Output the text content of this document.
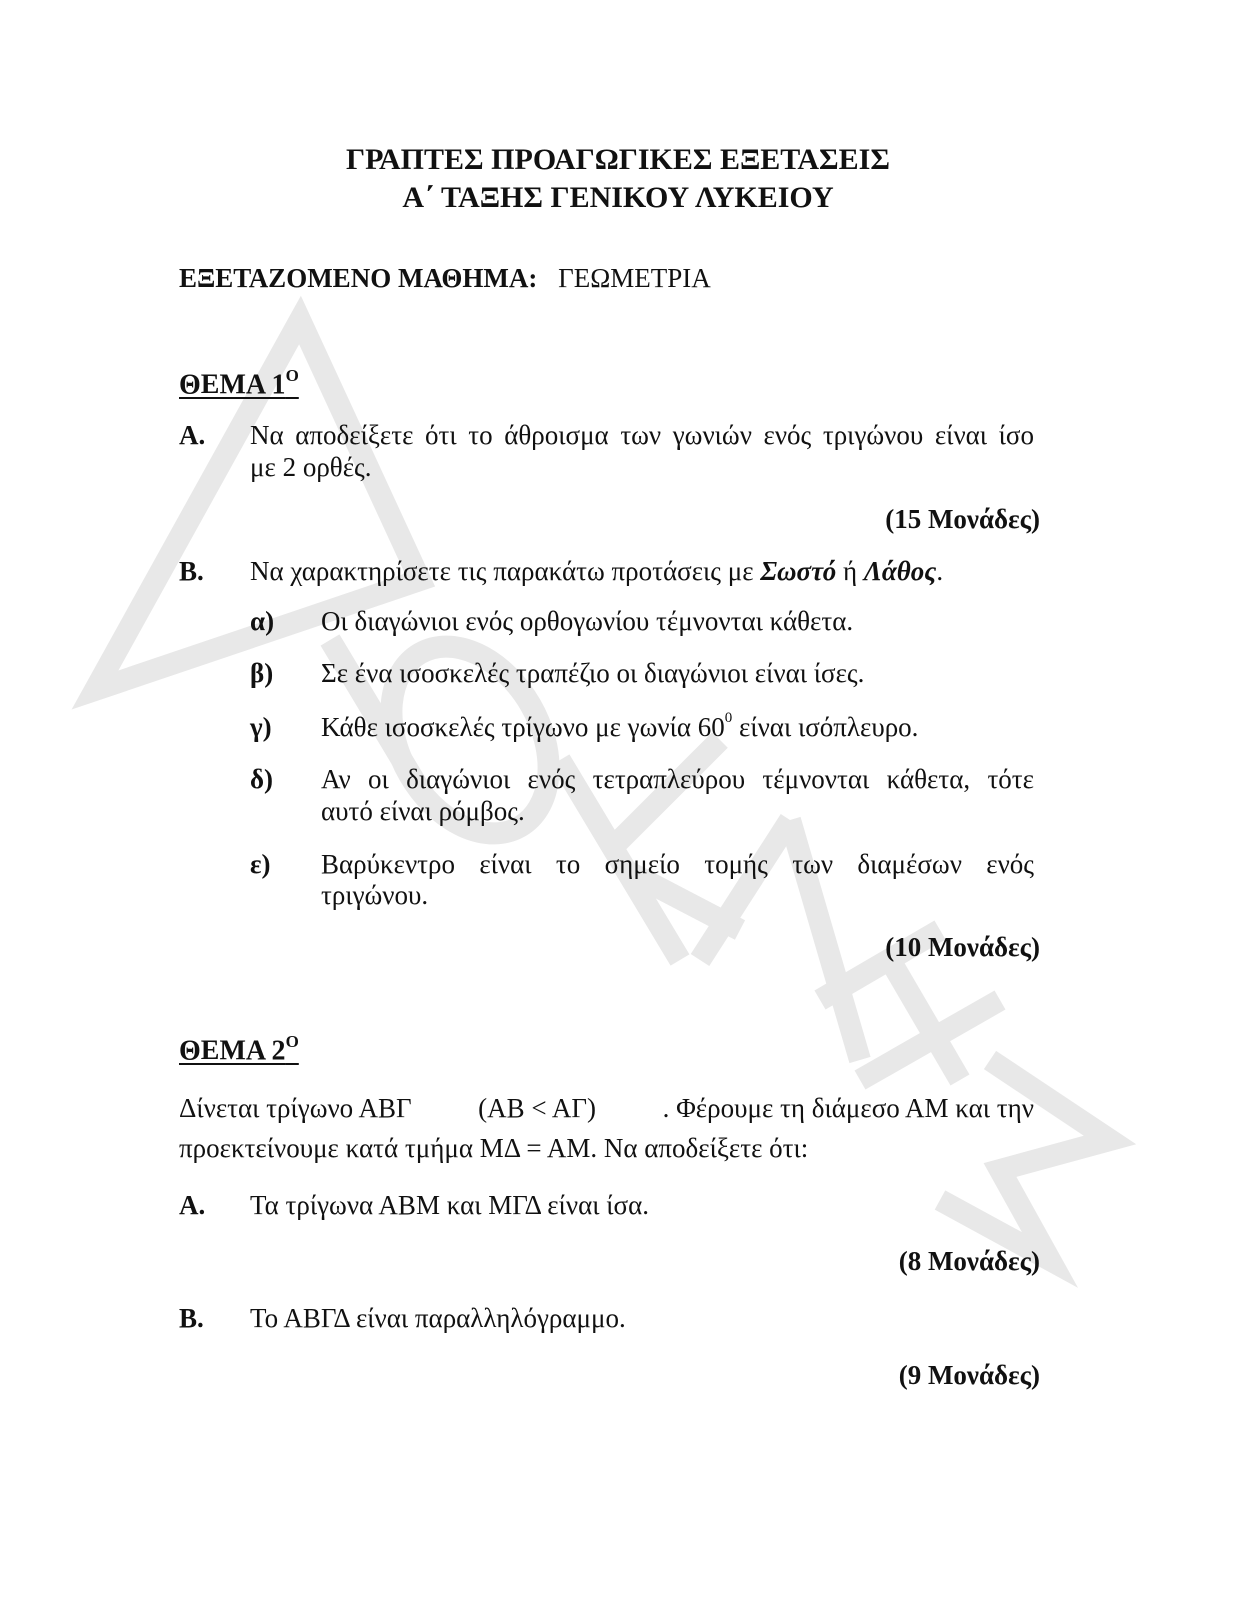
ΓΡΑΠΤΕΣ ΠΡΟΑΓΩΓΙΚΕΣ ΕΞΕΤΑΣΕΙΣ
Α΄ ΤΑΞΗΣ ΓΕΝΙΚΟΥ ΛΥΚΕΙΟΥ
ΕΞΕΤΑΖΟΜΕΝΟ ΜΑΘΗΜΑ: ΓΕΩΜΕΤΡΙΑ
ΘΕΜΑ $1^O$
Α. Να αποδείξετε ότι το άθροισμα των γωνιών ενός τριγώνου είναι ίσο
με 2 ορθές.
(15 Μονάδες)
Β. Να χαρακτηρίσετε τις παρακάτω προτάσεις με Σωστό ή Λάθος.
α) Οι διαγώνιοι ενός ορθογωνίου τέμνονται κάθετα.
β) Σε ένα ισοσκελές τραπέζιο οι διαγώνιοι είναι ίσες.
γ) Κάθε ισοσκελές τρίγωνο με γωνία $60^0$ είναι ισόπλευρο.
δ) Αν οι διαγώνιοι ενός τετραπλεύρου τέμνονται κάθετα, τότε
αυτό είναι ρόμβος.
ε) Βαρύκεντρο είναι το σημείο τομής των διαμέσων ενός
τριγώνου.
(10 Μονάδες)
ΘΕΜΑ $2^O$
Δίνεται τρίγωνο ΑΒΓ (ΑΒ < ΑΓ) . Φέρουμε τη διάμεσο ΑΜ και την
προεκτείνουμε κατά τμήμα ΜΔ = ΑΜ. Να αποδείξετε ότι:
Α. Τα τρίγωνα ΑΒΜ και ΜΓΔ είναι ίσα.
(8 Μονάδες)
Β. Το ΑΒΓΔ είναι παραλληλόγραμμο.
(9 Μονάδες)
